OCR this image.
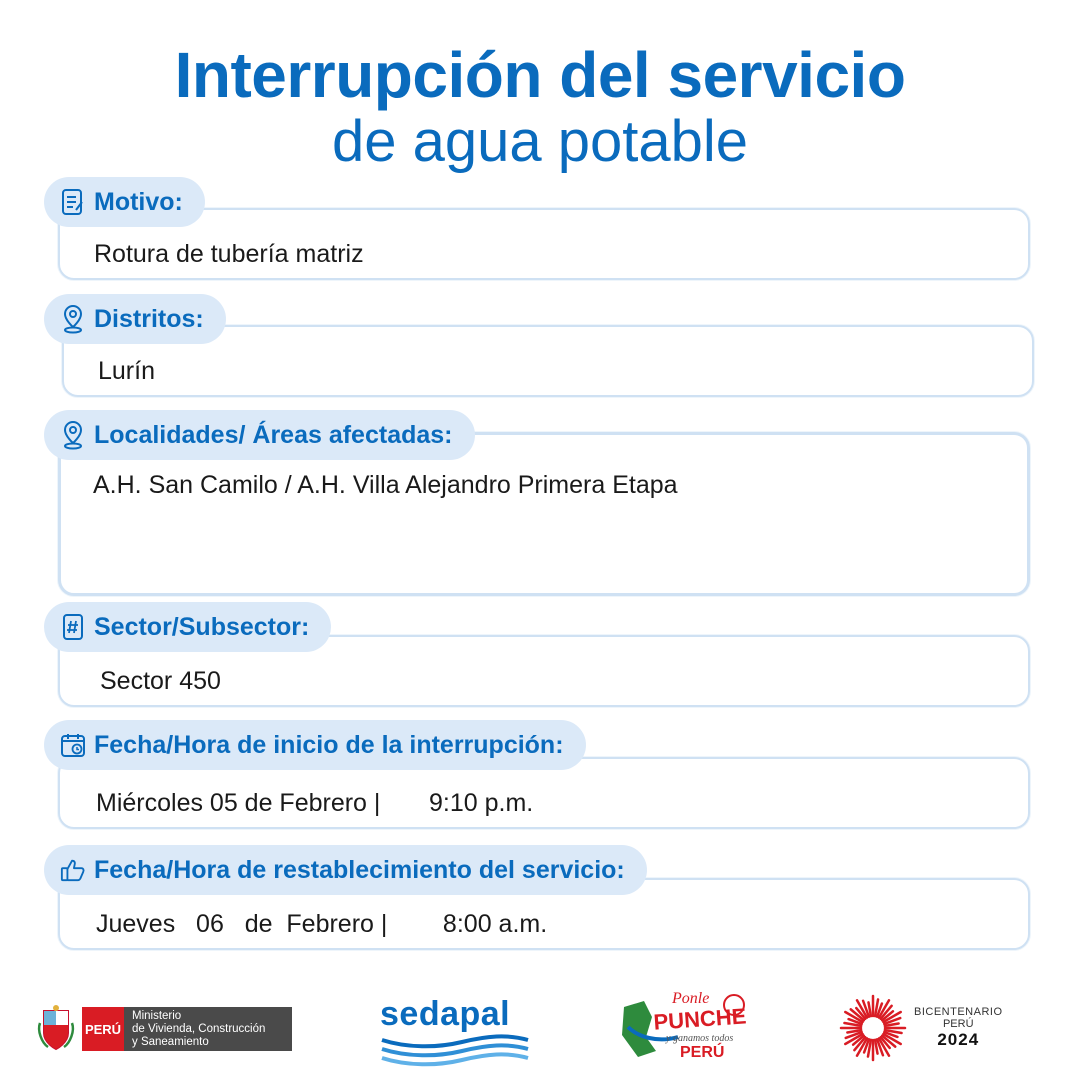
Interrupción del servicio
de agua potable
Rotura de tubería matriz
Motivo:
Lurín
Distritos:
A.H. San Camilo / A.H. Villa Alejandro Primera Etapa
Localidades/ Áreas afectadas:
Sector 450
Sector/Subsector:
Miércoles 05 de Febrero |       9:10 p.m.
Fecha/Hora de inicio de la interrupción:
Jueves   06   de  Febrero |        8:00 a.m.
Fecha/Hora de restablecimiento del servicio:
PERÚ
Ministerio
de Vivienda, Construcción
y Saneamiento
sedapal	Ponle
PUNCHE
y ganamos todos
PERÚ
BICENTENARIO
PERÚ
2024
